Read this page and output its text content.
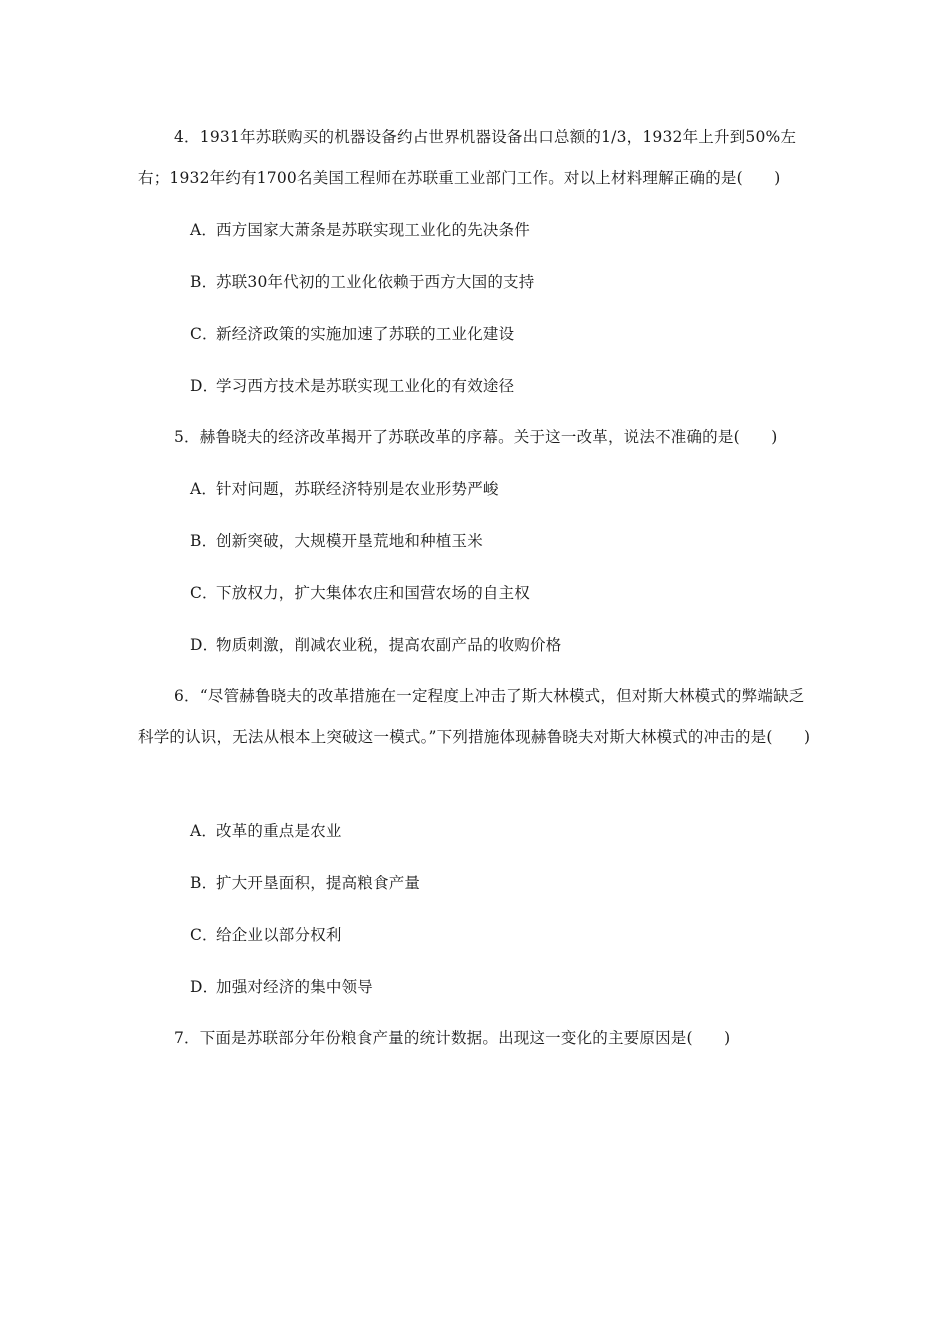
4．1931年苏联购买的机器设备约占世界机器设备出口总额的1/3，1932年上升到50%左右；1932年约有1700名美国工程师在苏联重工业部门工作。对以上材料理解正确的是(　　)

A．西方国家大萧条是苏联实现工业化的先决条件

B．苏联30年代初的工业化依赖于西方大国的支持

C．新经济政策的实施加速了苏联的工业化建设

D．学习西方技术是苏联实现工业化的有效途径

5．赫鲁晓夫的经济改革揭开了苏联改革的序幕。关于这一改革，说法不准确的是(　　)

A．针对问题，苏联经济特别是农业形势严峻

B．创新突破，大规模开垦荒地和种植玉米

C．下放权力，扩大集体农庄和国营农场的自主权

D．物质刺激，削减农业税，提高农副产品的收购价格

6．“尽管赫鲁晓夫的改革措施在一定程度上冲击了斯大林模式，但对斯大林模式的弊端缺乏科学的认识，无法从根本上突破这一模式。”下列措施体现赫鲁晓夫对斯大林模式的冲击的是(　　)

A．改革的重点是农业

B．扩大开垦面积，提高粮食产量

C．给企业以部分权利

D．加强对经济的集中领导

7．下面是苏联部分年份粮食产量的统计数据。出现这一变化的主要原因是(　　)
